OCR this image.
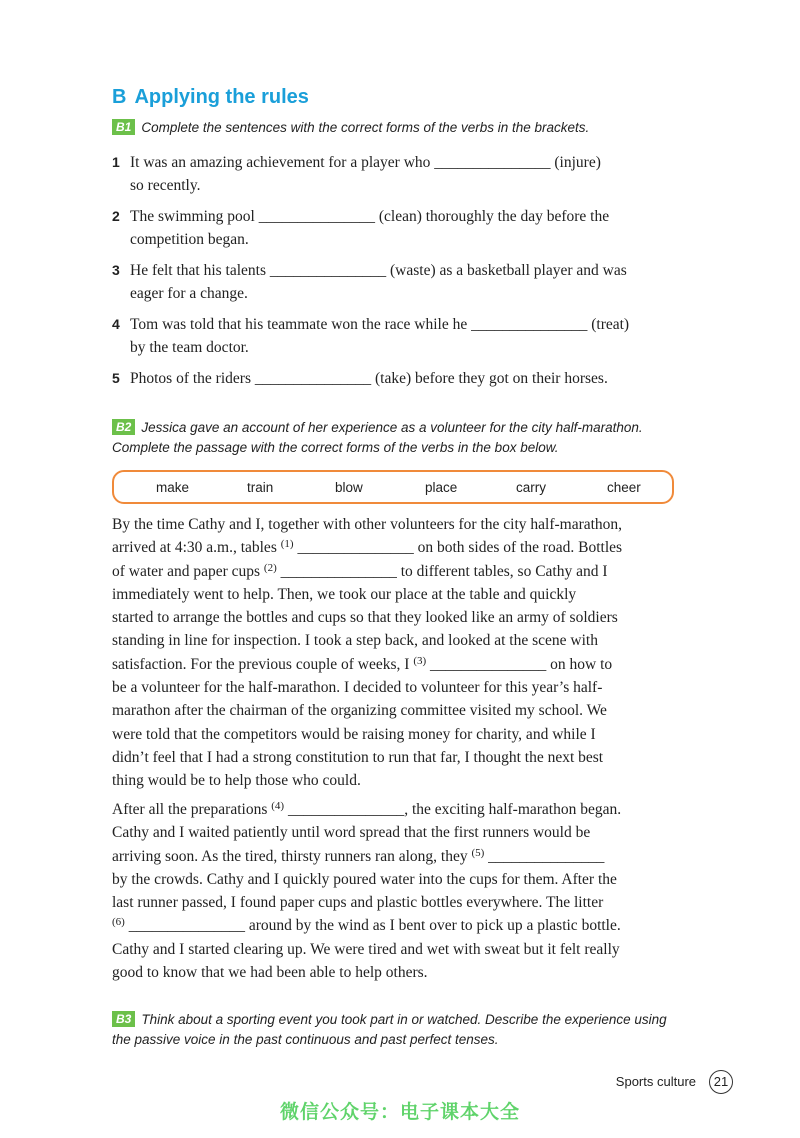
B Applying the rules
B1 Complete the sentences with the correct forms of the verbs in the brackets.
1 It was an amazing achievement for a player who _______________ (injure)
so recently.
2 The swimming pool _______________ (clean) thoroughly the day before the
competition began.
3 He felt that his talents _______________ (waste) as a basketball player and was
eager for a change.
4 Tom was told that his teammate won the race while he _______________ (treat)
by the team doctor.
5 Photos of the riders _______________ (take) before they got on their horses.
B2 Jessica gave an account of her experience as a volunteer for the city half-marathon.
Complete the passage with the correct forms of the verbs in the box below.
make	train	blow	place	carry	cheer
By the time Cathy and I, together with other volunteers for the city half-marathon,
arrived at 4:30 a.m., tables $^{(1)}$ _______________ on both sides of the road. Bottles
of water and paper cups $^{(2)}$ _______________ to different tables, so Cathy and I
immediately went to help. Then, we took our place at the table and quickly
started to arrange the bottles and cups so that they looked like an army of soldiers
standing in line for inspection. I took a step back, and looked at the scene with
satisfaction. For the previous couple of weeks, I $^{(3)}$ _______________ on how to
be a volunteer for the half-marathon. I decided to volunteer for this year’s half-
marathon after the chairman of the organizing committee visited my school. We
were told that the competitors would be raising money for charity, and while I
didn’t feel that I had a strong constitution to run that far, I thought the next best
thing would be to help those who could.
After all the preparations $^{(4)}$ _______________, the exciting half-marathon began.
Cathy and I waited patiently until word spread that the first runners would be
arriving soon. As the tired, thirsty runners ran along, they $^{(5)}$ _______________
by the crowds. Cathy and I quickly poured water into the cups for them. After the
last runner passed, I found paper cups and plastic bottles everywhere. The litter
$^{(6)}$ _______________ around by the wind as I bent over to pick up a plastic bottle.
Cathy and I started clearing up. We were tired and wet with sweat but it felt really
good to know that we had been able to help others.
B3 Think about a sporting event you took part in or watched. Describe the experience using
the passive voice in the past continuous and past perfect tenses.
Sports culture	21
微信公众号：电子课本大全
